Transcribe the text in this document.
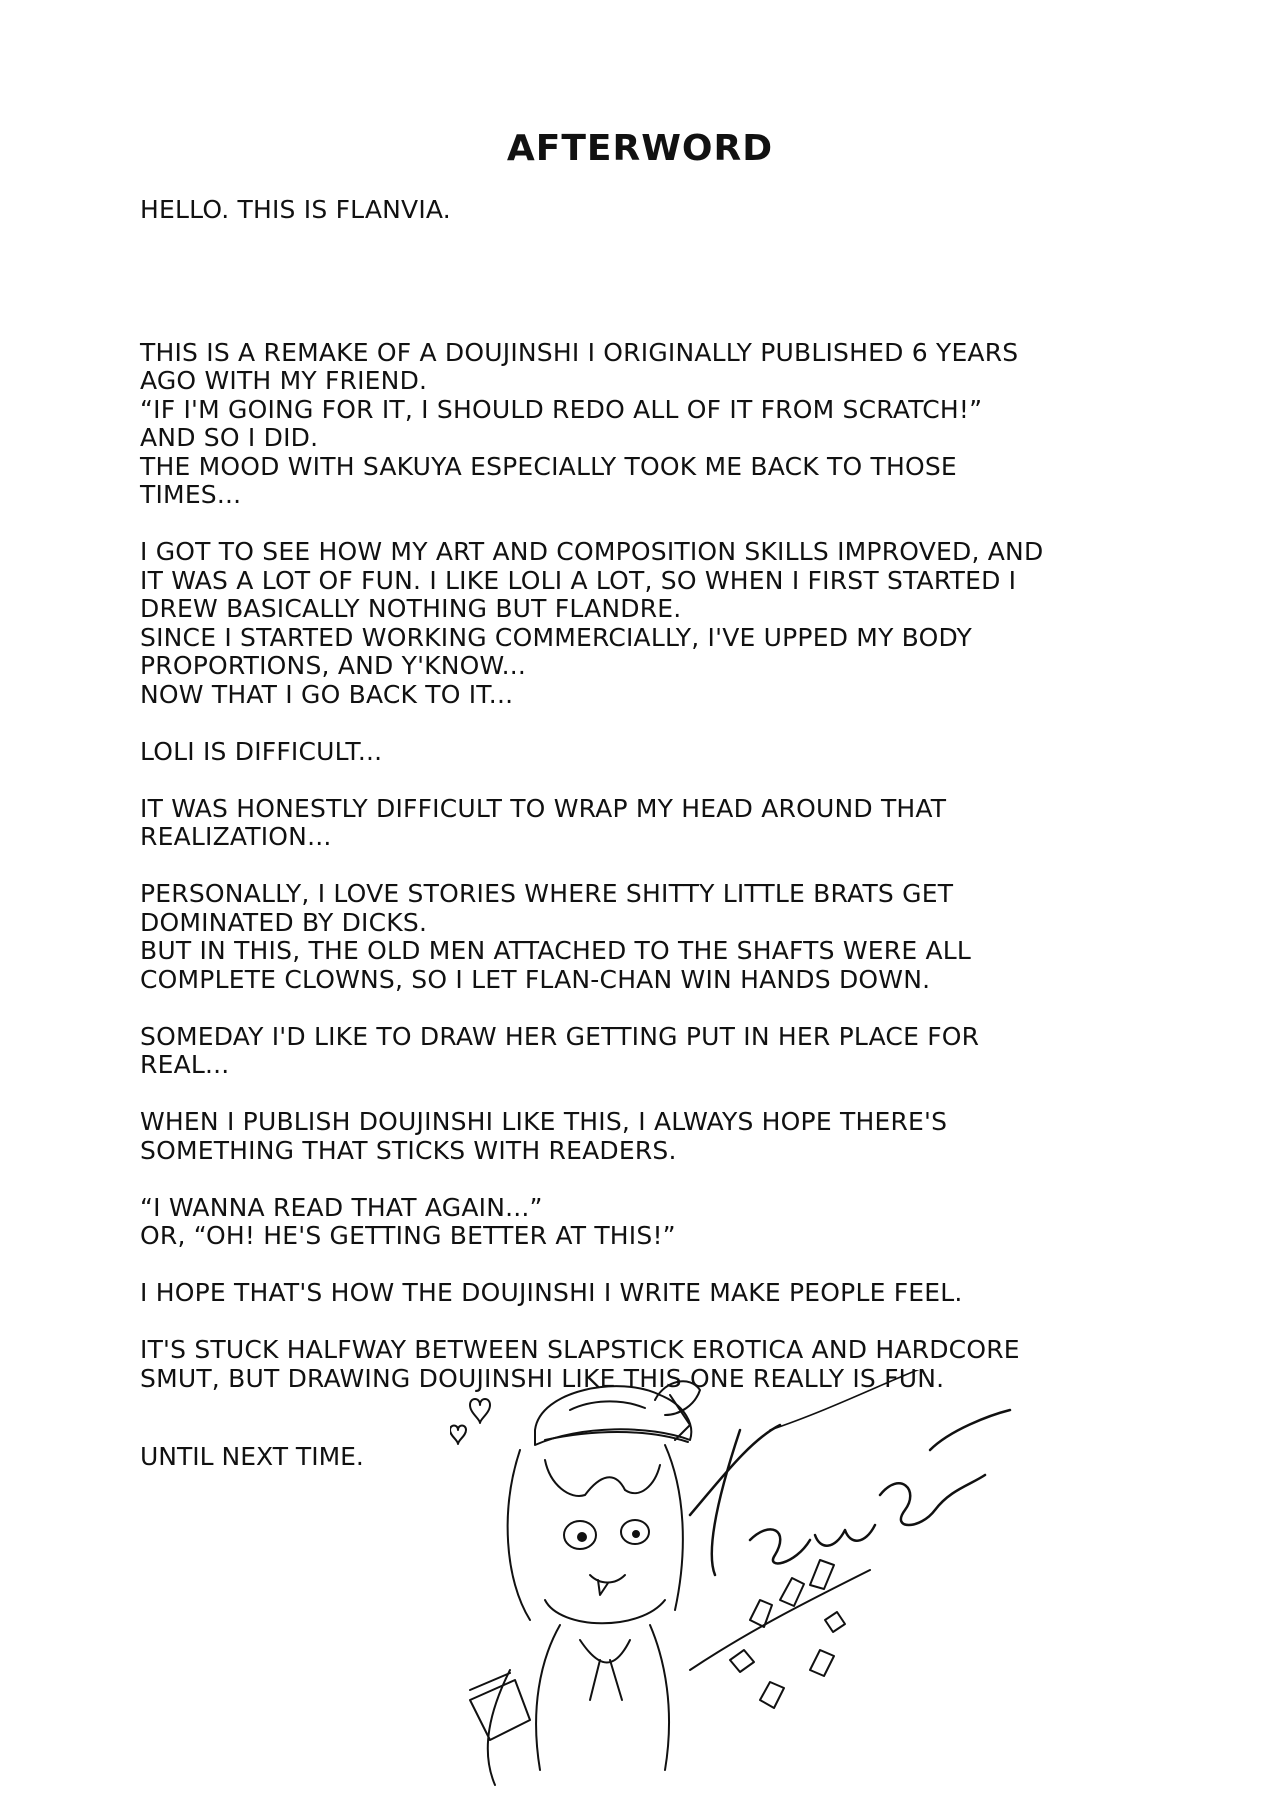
AFTERWORD

HELLO. THIS IS FLANVIA.

THIS IS A REMAKE OF A DOUJINSHI I ORIGINALLY PUBLISHED 6 YEARS
AGO WITH MY FRIEND.
“IF I'M GOING FOR IT, I SHOULD REDO ALL OF IT FROM SCRATCH!”
AND SO I DID.
THE MOOD WITH SAKUYA ESPECIALLY TOOK ME BACK TO THOSE
TIMES...

I GOT TO SEE HOW MY ART AND COMPOSITION SKILLS IMPROVED, AND
IT WAS A LOT OF FUN. I LIKE LOLI A LOT, SO WHEN I FIRST STARTED I
DREW BASICALLY NOTHING BUT FLANDRE.
SINCE I STARTED WORKING COMMERCIALLY, I'VE UPPED MY BODY
PROPORTIONS, AND Y'KNOW...
NOW THAT I GO BACK TO IT...

LOLI IS DIFFICULT...

IT WAS HONESTLY DIFFICULT TO WRAP MY HEAD AROUND THAT
REALIZATION...

PERSONALLY, I LOVE STORIES WHERE SHITTY LITTLE BRATS GET
DOMINATED BY DICKS.
BUT IN THIS, THE OLD MEN ATTACHED TO THE SHAFTS WERE ALL
COMPLETE CLOWNS, SO I LET FLAN-CHAN WIN HANDS DOWN.

SOMEDAY I'D LIKE TO DRAW HER GETTING PUT IN HER PLACE FOR
REAL...

WHEN I PUBLISH DOUJINSHI LIKE THIS, I ALWAYS HOPE THERE'S
SOMETHING THAT STICKS WITH READERS.

“I WANNA READ THAT AGAIN...”
OR, “OH! HE'S GETTING BETTER AT THIS!”

I HOPE THAT'S HOW THE DOUJINSHI I WRITE MAKE PEOPLE FEEL.

IT'S STUCK HALFWAY BETWEEN SLAPSTICK EROTICA AND HARDCORE
SMUT, BUT DRAWING DOUJINSHI LIKE THIS ONE REALLY IS FUN.

UNTIL NEXT TIME.
